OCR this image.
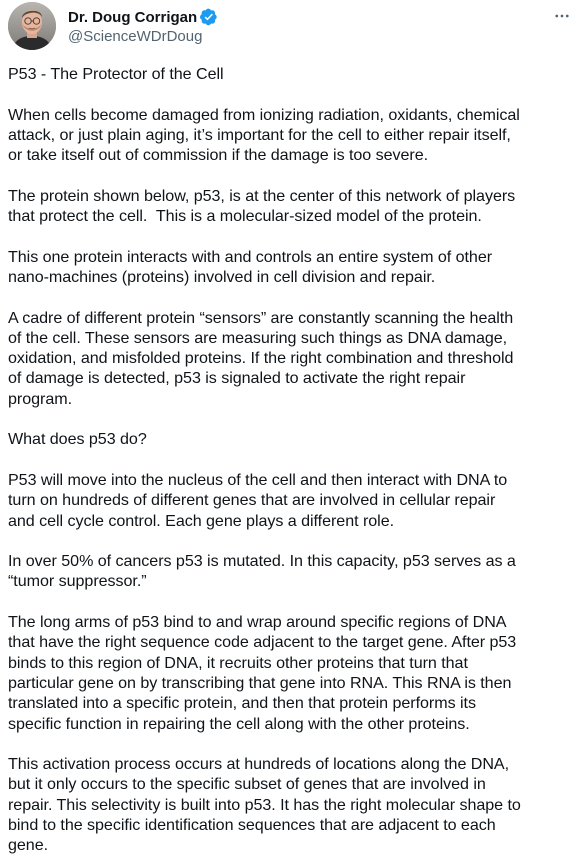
Dr. Doug Corrigan
@ScienceWDrDoug

P53 - The Protector of the Cell

When cells become damaged from ionizing radiation, oxidants, chemical
attack, or just plain aging, it’s important for the cell to either repair itself,
or take itself out of commission if the damage is too severe.

The protein shown below, p53, is at the center of this network of players
that protect the cell.  This is a molecular-sized model of the protein.

This one protein interacts with and controls an entire system of other
nano-machines (proteins) involved in cell division and repair.

A cadre of different protein “sensors” are constantly scanning the health
of the cell. These sensors are measuring such things as DNA damage,
oxidation, and misfolded proteins. If the right combination and threshold
of damage is detected, p53 is signaled to activate the right repair
program.

What does p53 do?

P53 will move into the nucleus of the cell and then interact with DNA to
turn on hundreds of different genes that are involved in cellular repair
and cell cycle control. Each gene plays a different role.

In over 50% of cancers p53 is mutated. In this capacity, p53 serves as a
“tumor suppressor.”

The long arms of p53 bind to and wrap around specific regions of DNA
that have the right sequence code adjacent to the target gene. After p53
binds to this region of DNA, it recruits other proteins that turn that
particular gene on by transcribing that gene into RNA. This RNA is then
translated into a specific protein, and then that protein performs its
specific function in repairing the cell along with the other proteins.

This activation process occurs at hundreds of locations along the DNA,
but it only occurs to the specific subset of genes that are involved in
repair. This selectivity is built into p53. It has the right molecular shape to
bind to the specific identification sequences that are adjacent to each
gene.
